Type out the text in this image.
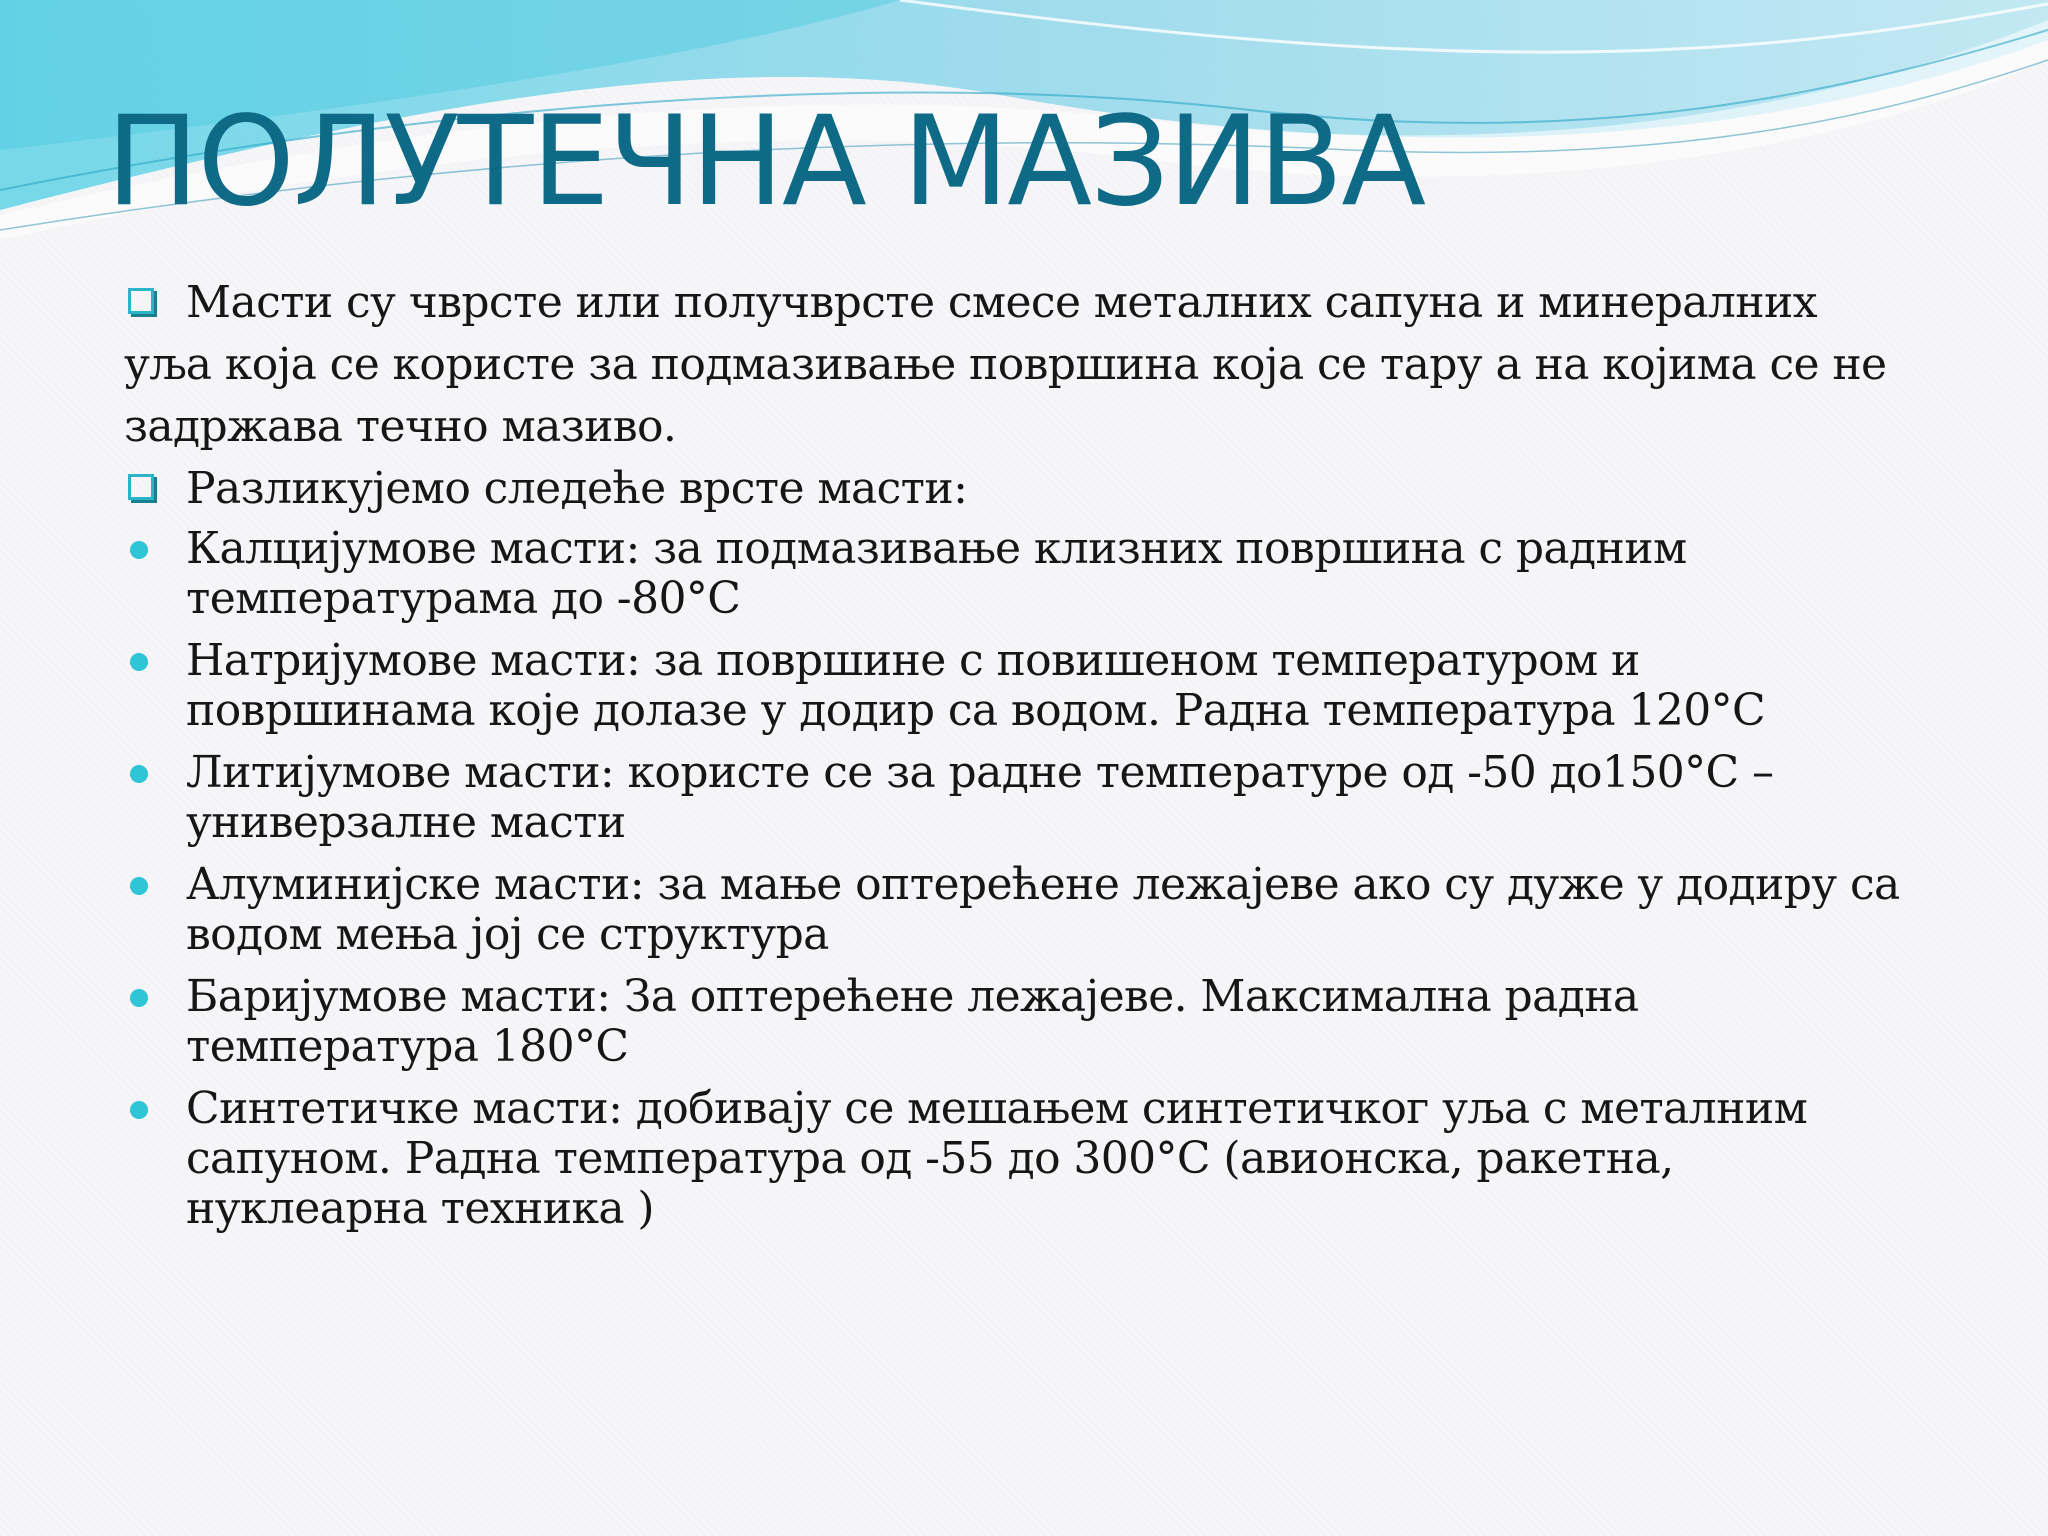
ПОЛУТЕЧНА МАЗИВА
Масти су чврсте или получврсте смесе металних сапуна и минералних
уља која се користе за подмазивање површина која се тару а на којима се не задржава течно мазиво.
Разликујемо следеће врсте масти:
Калцијумове масти: за подмазивање клизних површина с радним температурама до -80°C
Натријумове масти: за површине с повишеном температуром и површинама које долазе у додир са водом. Радна температура 120°C
Литијумове масти: користе се за радне температуре од -50 до150°C – универзалне масти
Алуминијске масти: за мање оптерећене лежајеве ако су дуже у додиру са водом мења јој се структура
Баријумове масти: За оптерећене лежајеве. Максимална радна температура 180°C
Синтетичке масти: добивају се мешањем синтетичког уља с металним сапуном. Радна температура од -55 до 300°C (авионска, ракетна, нуклеарна техника )
